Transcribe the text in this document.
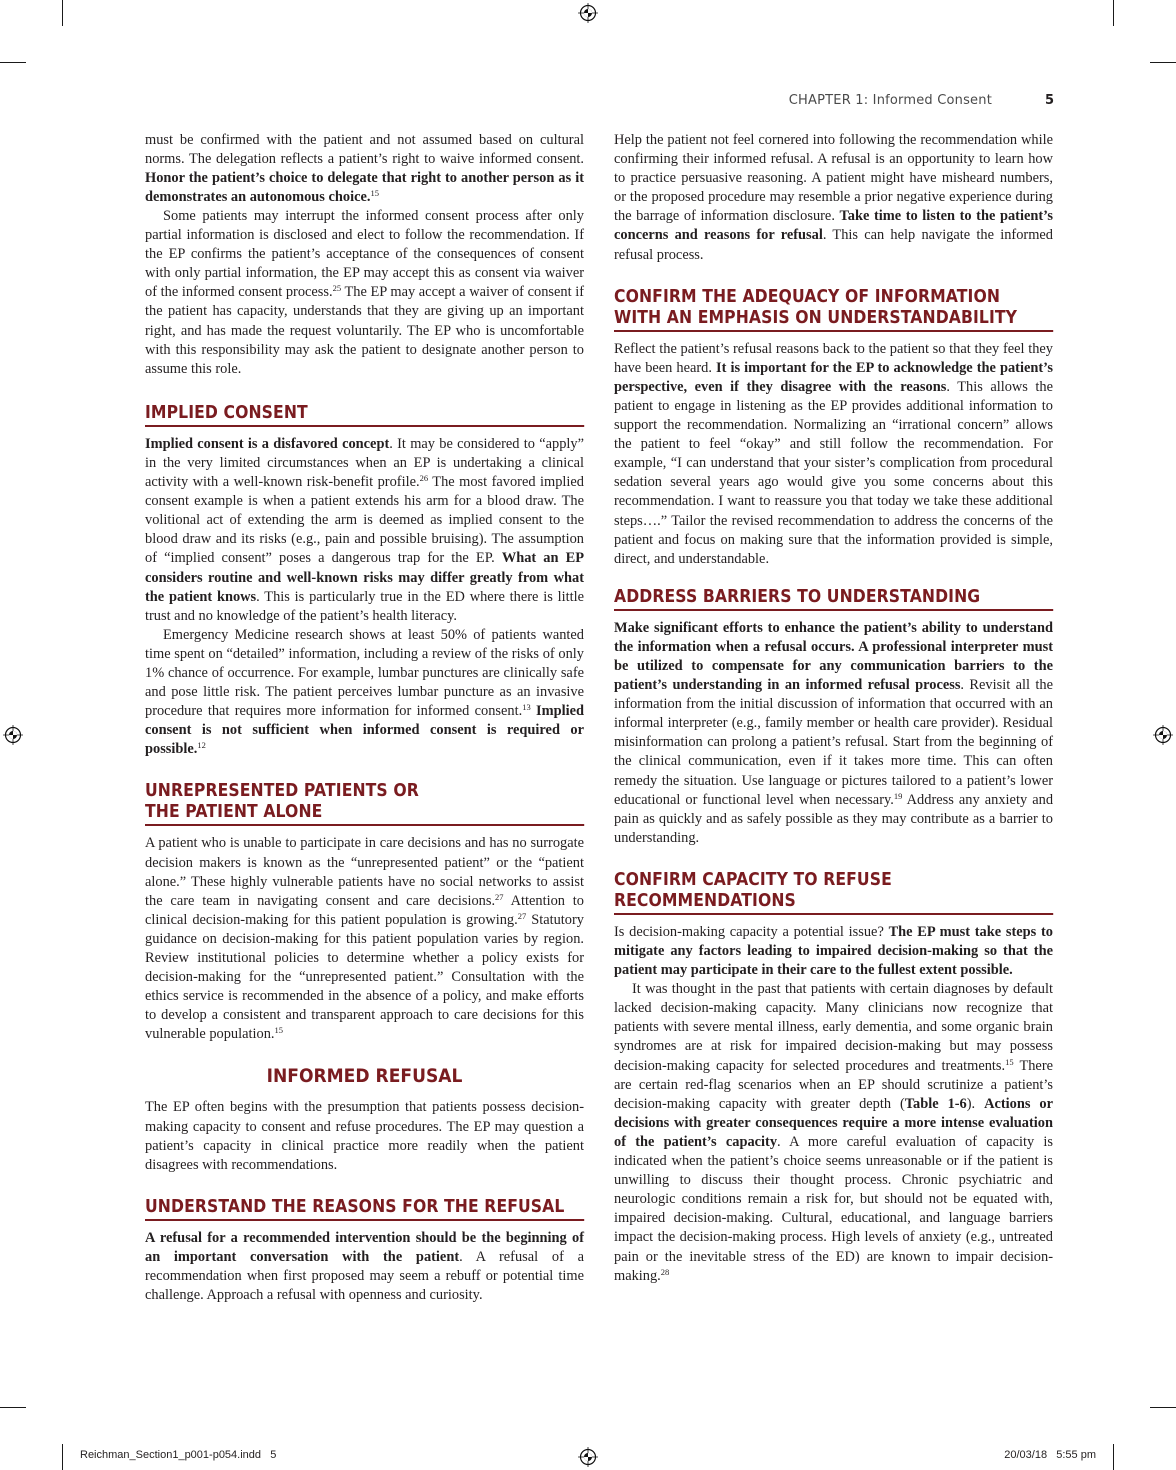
CHAPTER 1: Informed Consent	5

must be confirmed with the patient and not assumed based on cultural norms. The delegation reflects a patient’s right to waive informed consent. Honor the patient’s choice to delegate that right to another person as it demonstrates an autonomous choice.$^{15}$

Some patients may interrupt the informed consent process after only partial information is disclosed and elect to follow the recommendation. If the EP confirms the patient’s acceptance of the consequences of consent with only partial information, the EP may accept this as consent via waiver of the informed consent process.$^{25}$ The EP may accept a waiver of consent if the patient has capacity, understands that they are giving up an important right, and has made the request voluntarily. The EP who is uncomfortable with this responsibility may ask the patient to designate another person to assume this role.

IMPLIED CONSENT

Implied consent is a disfavored concept. It may be considered to “apply” in the very limited circumstances when an EP is undertaking a clinical activity with a well-known risk-benefit profile.$^{26}$ The most favored implied consent example is when a patient extends his arm for a blood draw. The volitional act of extending the arm is deemed as implied consent to the blood draw and its risks (e.g., pain and possible bruising). The assumption of “implied consent” poses a dangerous trap for the EP. What an EP considers routine and well-known risks may differ greatly from what the patient knows. This is particularly true in the ED where there is little trust and no knowledge of the patient’s health literacy.

Emergency Medicine research shows at least 50% of patients wanted time spent on “detailed” information, including a review of the risks of only 1% chance of occurrence. For example, lumbar punctures are clinically safe and pose little risk. The patient perceives lumbar puncture as an invasive procedure that requires more information for informed consent.$^{13}$ Implied consent is not sufficient when informed consent is required or possible.$^{12}$

UNREPRESENTED PATIENTS OR
THE PATIENT ALONE

A patient who is unable to participate in care decisions and has no surrogate decision makers is known as the “unrepresented patient” or the “patient alone.” These highly vulnerable patients have no social networks to assist the care team in navigating consent and care decisions.$^{27}$ Attention to clinical decision-making for this patient population is growing.$^{27}$ Statutory guidance on decision-making for this patient population varies by region. Review institutional policies to determine whether a policy exists for decision-making for the “unrepresented patient.” Consultation with the ethics service is recommended in the absence of a policy, and make efforts to develop a consistent and transparent approach to care decisions for this vulnerable population.$^{15}$

INFORMED REFUSAL

The EP often begins with the presumption that patients possess decision-making capacity to consent and refuse procedures. The EP may question a patient’s capacity in clinical practice more readily when the patient disagrees with recommendations.

UNDERSTAND THE REASONS FOR THE REFUSAL

A refusal for a recommended intervention should be the beginning of an important conversation with the patient. A refusal of a recommendation when first proposed may seem a rebuff or potential time challenge. Approach a refusal with openness and curiosity.

Help the patient not feel cornered into following the recommendation while confirming their informed refusal. A refusal is an opportunity to learn how to practice persuasive reasoning. A patient might have misheard numbers, or the proposed procedure may resemble a prior negative experience during the barrage of information disclosure. Take time to listen to the patient’s concerns and reasons for refusal. This can help navigate the informed refusal process.

CONFIRM THE ADEQUACY OF INFORMATION
WITH AN EMPHASIS ON UNDERSTANDABILITY

Reflect the patient’s refusal reasons back to the patient so that they feel they have been heard. It is important for the EP to acknowledge the patient’s perspective, even if they disagree with the reasons. This allows the patient to engage in listening as the EP provides additional information to support the recommendation. Normalizing an “irrational concern” allows the patient to feel “okay” and still follow the recommendation. For example, “I can understand that your sister’s complication from procedural sedation several years ago would give you some concerns about this recommendation. I want to reassure you that today we take these additional steps….” Tailor the revised recommendation to address the concerns of the patient and focus on making sure that the information provided is simple, direct, and understandable.

ADDRESS BARRIERS TO UNDERSTANDING

Make significant efforts to enhance the patient’s ability to understand the information when a refusal occurs. A professional interpreter must be utilized to compensate for any communication barriers to the patient’s understanding in an informed refusal process. Revisit all the information from the initial discussion of information that occurred with an informal interpreter (e.g., family member or health care provider). Residual misinformation can prolong a patient’s refusal. Start from the beginning of the clinical communication, even if it takes more time. This can often remedy the situation. Use language or pictures tailored to a patient’s lower educational or functional level when necessary.$^{19}$ Address any anxiety and pain as quickly and as safely possible as they may contribute as a barrier to understanding.

CONFIRM CAPACITY TO REFUSE
RECOMMENDATIONS

Is decision-making capacity a potential issue? The EP must take steps to mitigate any factors leading to impaired decision-making so that the patient may participate in their care to the fullest extent possible.

It was thought in the past that patients with certain diagnoses by default lacked decision-making capacity. Many clinicians now recognize that patients with severe mental illness, early dementia, and some organic brain syndromes are at risk for impaired decision-making but may possess decision-making capacity for selected procedures and treatments.$^{15}$ There are certain red-flag scenarios when an EP should scrutinize a patient’s decision-making capacity with greater depth (Table 1-6). Actions or decisions with greater consequences require a more intense evaluation of the patient’s capacity. A more careful evaluation of capacity is indicated when the patient’s choice seems unreasonable or if the patient is unwilling to discuss their thought process. Chronic psychiatric and neurologic conditions remain a risk for, but should not be equated with, impaired decision-making. Cultural, educational, and language barriers impact the decision-making process. High levels of anxiety (e.g., untreated pain or the inevitable stress of the ED) are known to impair decision-making.$^{28}$

Reichman_Section1_p001-p054.indd   5	20/03/18   5:55 pm
